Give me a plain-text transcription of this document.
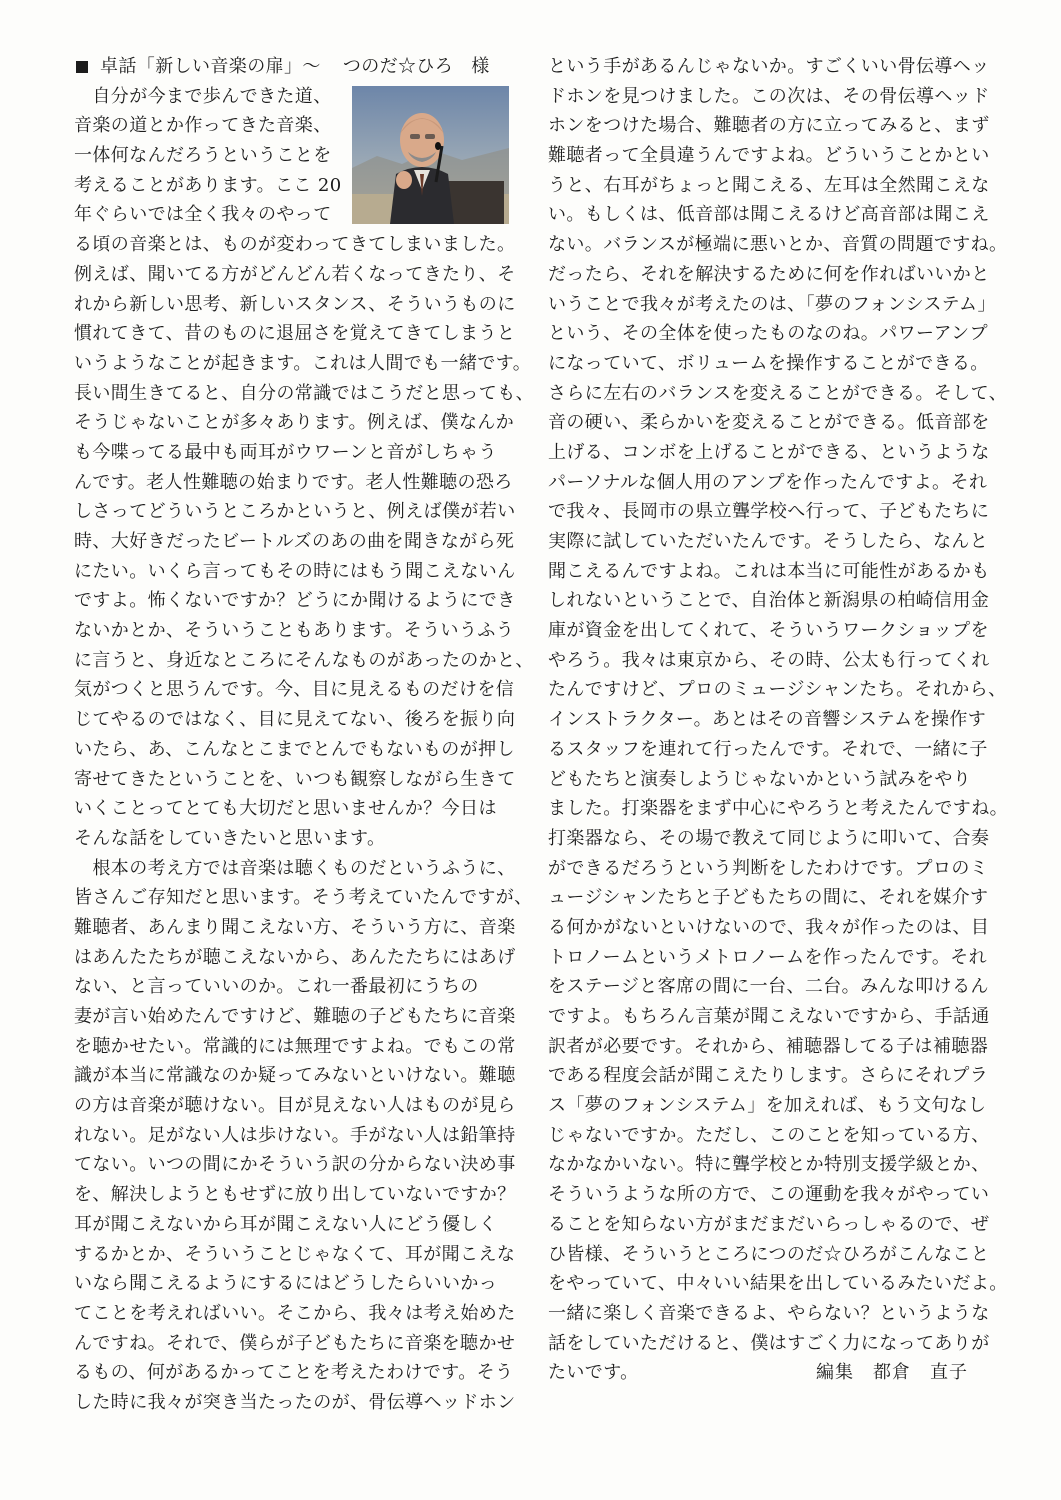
卓話「新しい音楽の扉」～ つのだ☆ひろ 様
　自分が今まで歩んできた道、
音楽の道とか作ってきた音楽、
一体何なんだろうということを
考えることがあります。ここ 20
年ぐらいでは全く我々のやって
る頃の音楽とは、ものが変わってきてしまいました。
例えば、聞いてる方がどんどん若くなってきたり、そ
れから新しい思考、新しいスタンス、そういうものに
慣れてきて、昔のものに退屈さを覚えてきてしまうと
いうようなことが起きます。これは人間でも一緒です。
長い間生きてると、自分の常識ではこうだと思っても、
そうじゃないことが多々あります。例えば、僕なんか
も今喋ってる最中も両耳がウワーンと音がしちゃう
んです。老人性難聴の始まりです。老人性難聴の恐ろ
しさってどういうところかというと、例えば僕が若い
時、大好きだったビートルズのあの曲を聞きながら死
にたい。いくら言ってもその時にはもう聞こえないん
ですよ。怖くないですか？どうにか聞けるようにでき
ないかとか、そういうこともあります。そういうふう
に言うと、身近なところにそんなものがあったのかと、
気がつくと思うんです。今、目に見えるものだけを信
じてやるのではなく、目に見えてない、後ろを振り向
いたら、あ、こんなとこまでとんでもないものが押し
寄せてきたということを、いつも観察しながら生きて
いくことってとても大切だと思いませんか？今日は
そんな話をしていきたいと思います。
　根本の考え方では音楽は聴くものだというふうに、
皆さんご存知だと思います。そう考えていたんですが、
難聴者、あんまり聞こえない方、そういう方に、音楽
はあんたたちが聴こえないから、あんたたちにはあげ
ない、と言っていいのか。これ一番最初にうちの
妻が言い始めたんですけど、難聴の子どもたちに音楽
を聴かせたい。常識的には無理ですよね。でもこの常
識が本当に常識なのか疑ってみないといけない。難聴
の方は音楽が聴けない。目が見えない人はものが見ら
れない。足がない人は歩けない。手がない人は鉛筆持
てない。いつの間にかそういう訳の分からない決め事
を、解決しようともせずに放り出していないですか？
耳が聞こえないから耳が聞こえない人にどう優しく
するかとか、そういうことじゃなくて、耳が聞こえな
いなら聞こえるようにするにはどうしたらいいかっ
てことを考えればいい。そこから、我々は考え始めた
んですね。それで、僕らが子どもたちに音楽を聴かせ
るもの、何があるかってことを考えたわけです。そう
した時に我々が突き当たったのが、骨伝導ヘッドホン
という手があるんじゃないか。すごくいい骨伝導ヘッ
ドホンを見つけました。この次は、その骨伝導ヘッド
ホンをつけた場合、難聴者の方に立ってみると、まず
難聴者って全員違うんですよね。どういうことかとい
うと、右耳がちょっと聞こえる、左耳は全然聞こえな
い。もしくは、低音部は聞こえるけど高音部は聞こえ
ない。バランスが極端に悪いとか、音質の問題ですね。
だったら、それを解決するために何を作ればいいかと
いうことで我々が考えたのは、「夢のフォンシステム」
という、その全体を使ったものなのね。パワーアンプ
になっていて、ボリュームを操作することができる。
さらに左右のバランスを変えることができる。そして、
音の硬い、柔らかいを変えることができる。低音部を
上げる、コンボを上げることができる、というような
パーソナルな個人用のアンプを作ったんですよ。それ
で我々、長岡市の県立聾学校へ行って、子どもたちに
実際に試していただいたんです。そうしたら、なんと
聞こえるんですよね。これは本当に可能性があるかも
しれないということで、自治体と新潟県の柏崎信用金
庫が資金を出してくれて、そういうワークショップを
やろう。我々は東京から、その時、公太も行ってくれ
たんですけど、プロのミュージシャンたち。それから、
インストラクター。あとはその音響システムを操作す
るスタッフを連れて行ったんです。それで、一緒に子
どもたちと演奏しようじゃないかという試みをやり
ました。打楽器をまず中心にやろうと考えたんですね。
打楽器なら、その場で教えて同じように叩いて、合奏
ができるだろうという判断をしたわけです。プロのミ
ュージシャンたちと子どもたちの間に、それを媒介す
る何かがないといけないので、我々が作ったのは、目
トロノームというメトロノームを作ったんです。それ
をステージと客席の間に一台、二台。みんな叩けるん
ですよ。もちろん言葉が聞こえないですから、手話通
訳者が必要です。それから、補聴器してる子は補聴器
である程度会話が聞こえたりします。さらにそれプラ
ス「夢のフォンシステム」を加えれば、もう文句なし
じゃないですか。ただし、このことを知っている方、
なかなかいない。特に聾学校とか特別支援学級とか、
そういうような所の方で、この運動を我々がやってい
ることを知らない方がまだまだいらっしゃるので、ぜ
ひ皆様、そういうところにつのだ☆ひろがこんなこと
をやっていて、中々いい結果を出しているみたいだよ。
一緒に楽しく音楽できるよ、やらない？というような
話をしていただけると、僕はすごく力になってありが
たいです。	編集　都倉　直子
